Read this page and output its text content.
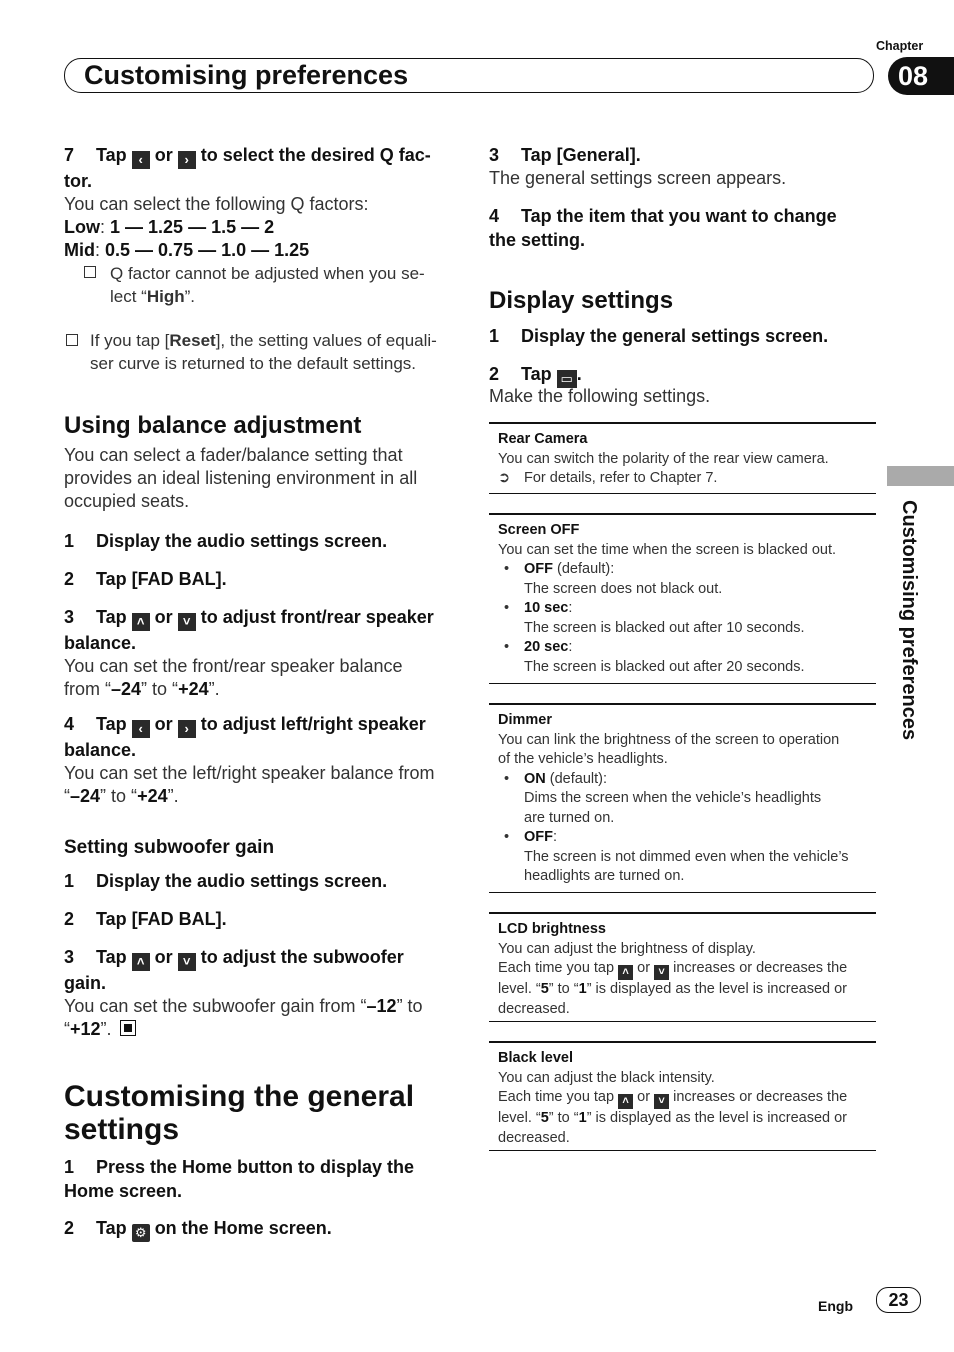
Chapter
Customising preferences	08
Customising preferences

7 Tap ‹ or › to select the desired Q fac-
tor.

You can select the following Q factors:

Low: 1 — 1.25 — 1.5 — 2

Mid: 0.5 — 0.75 — 1.0 — 1.25

Q factor cannot be adjusted when you se-
lect “High”.
If you tap [Reset], the setting values of equali-
ser curve is returned to the default settings.

Using balance adjustment

You can select a fader/balance setting that
provides an ideal listening environment in all
occupied seats.

1 Display the audio settings screen.

2 Tap [FAD BAL].

3 Tap ˄ or ˅ to adjust front/rear speaker
balance.

You can set the front/rear speaker balance
from “–24” to “+24”.

4 Tap ‹ or › to adjust left/right speaker
balance.

You can set the left/right speaker balance from
“–24” to “+24”.

Setting subwoofer gain

1 Display the audio settings screen.

2 Tap [FAD BAL].

3 Tap ˄ or ˅ to adjust the subwoofer
gain.

You can set the subwoofer gain from “–12” to
“+12”.

Customising the general
settings

1 Press the Home button to display the
Home screen.

2 Tap ⚙ on the Home screen.

3 Tap [General].

The general settings screen appears.

4 Tap the item that you want to change
the setting.

Display settings

1 Display the general settings screen.

2 Tap ▭ .

Make the following settings.

Rear Camera

You can switch the polarity of the rear view camera.

➲ For details, refer to Chapter 7.

Screen OFF

You can set the time when the screen is blacked out.

• OFF (default):

The screen does not black out.

• 10 sec:

The screen is blacked out after 10 seconds.

• 20 sec:

The screen is blacked out after 20 seconds.

Dimmer

You can link the brightness of the screen to operation

of the vehicle’s headlights.

• ON (default):

Dims the screen when the vehicle’s headlights

are turned on.

• OFF:

The screen is not dimmed even when the vehicle’s

headlights are turned on.

LCD brightness

You can adjust the brightness of display.

Each time you tap ˄ or ˅ increases or decreases the

level. “5” to “1” is displayed as the level is increased or

decreased.

Black level

You can adjust the black intensity.

Each time you tap ˄ or ˅ increases or decreases the

level. “5” to “1” is displayed as the level is increased or

decreased.

Engb	23
